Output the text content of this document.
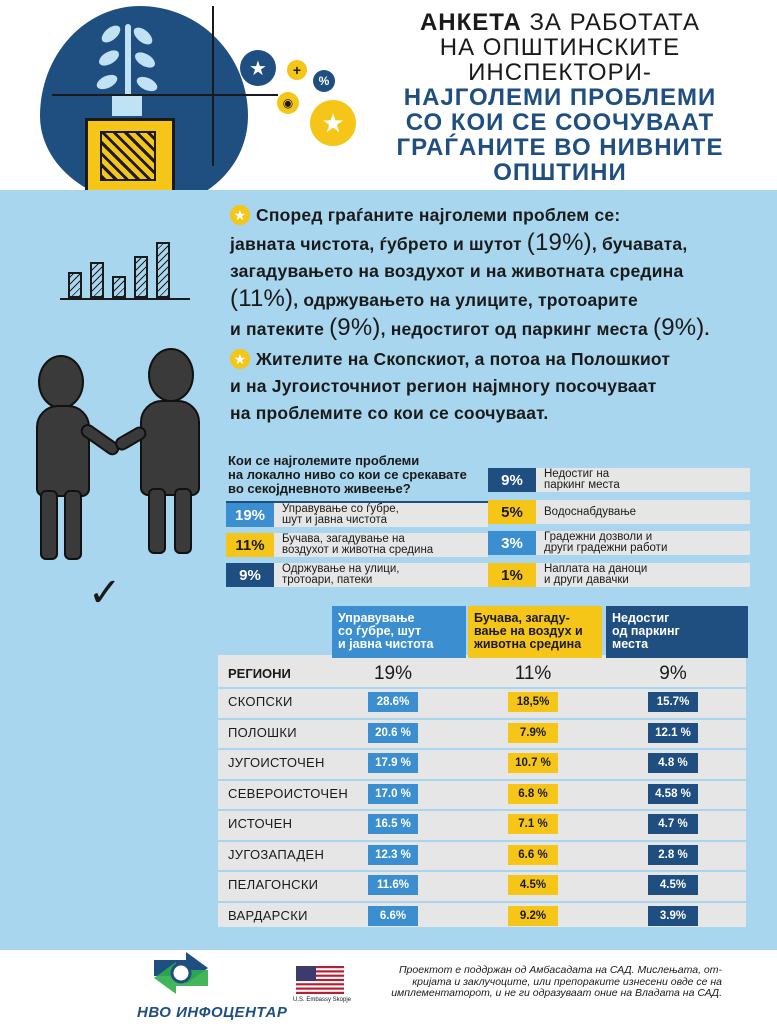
★	+
%
◉
★
АНКЕТА ЗА РАБОТАТА
НА ОПШТИНСКИТЕ
ИНСПЕКТОРИ-
НАЈГОЛЕМИ ПРОБЛЕМИ
СО КОИ СЕ СООЧУВААТ
ГРАЃАНИТЕ ВО НИВНИТЕ
ОПШТИНИ
✓
★ Според граѓаните најголеми проблем се:
јавната чистота, ѓубрето и шутот (19%), бучавата,
загадувањето на воздухот и на животната средина
(11%), одржувањето на улиците, тротоарите
и патеките (9%), недостигот од паркинг места (9%).
★ Жителите на Скопскиот, а потоа на Полошкиот
и на Југоисточниот регион најмногу посочуваат
на проблемите со кои се соочуваат.
Кои се најголемите проблеми
на локално ниво со кои се срекавате
во секојдневното живеење?
19%	Управување со ѓубре,
шут и јавна чистота
11%	Бучава, загадување на
воздухот и животна средина
9%	Одржување на улици,
тротоари, патеки
9%	Недостиг на
паркинг места
5%	Водоснабдување
3%	Градежни дозволи и
други градежни работи
1%	Наплата на даноци
и други давачки
Управување
со ѓубре, шут
и јавна чистота
Бучава, загаду-
вање на воздух и
животна средина
Недостиг
од паркинг
места
РЕГИОНИ	19%	11%	9%
СКОПСКИ	28.6%	18,5%	15.7%
ПОЛОШКИ	20.6 %	7.9%	12.1 %
ЈУГОИСТОЧЕН	17.9 %	10.7 %	4.8 %
СЕВЕРОИСТОЧЕН	17.0 %	6.8 %	4.58 %
ИСТОЧЕН	16.5 %	7.1 %	4.7 %
ЈУГОЗАПАДЕН	12.3 %	6.6 %	2.8 %
ПЕЛАГОНСКИ	11.6%	4.5%	4.5%
ВАРДАРСКИ	6.6%	9.2%	3.9%
НВО ИНФОЦЕНТАР
U.S. Embassy Skopje
Проектот е поддржан од Амбасадата на САД. Мислењата, от-
кријата и заклучоците, или препораките изнесени овде се на
имплементаторот, и не ги одразуваат оние на Владата на САД.
